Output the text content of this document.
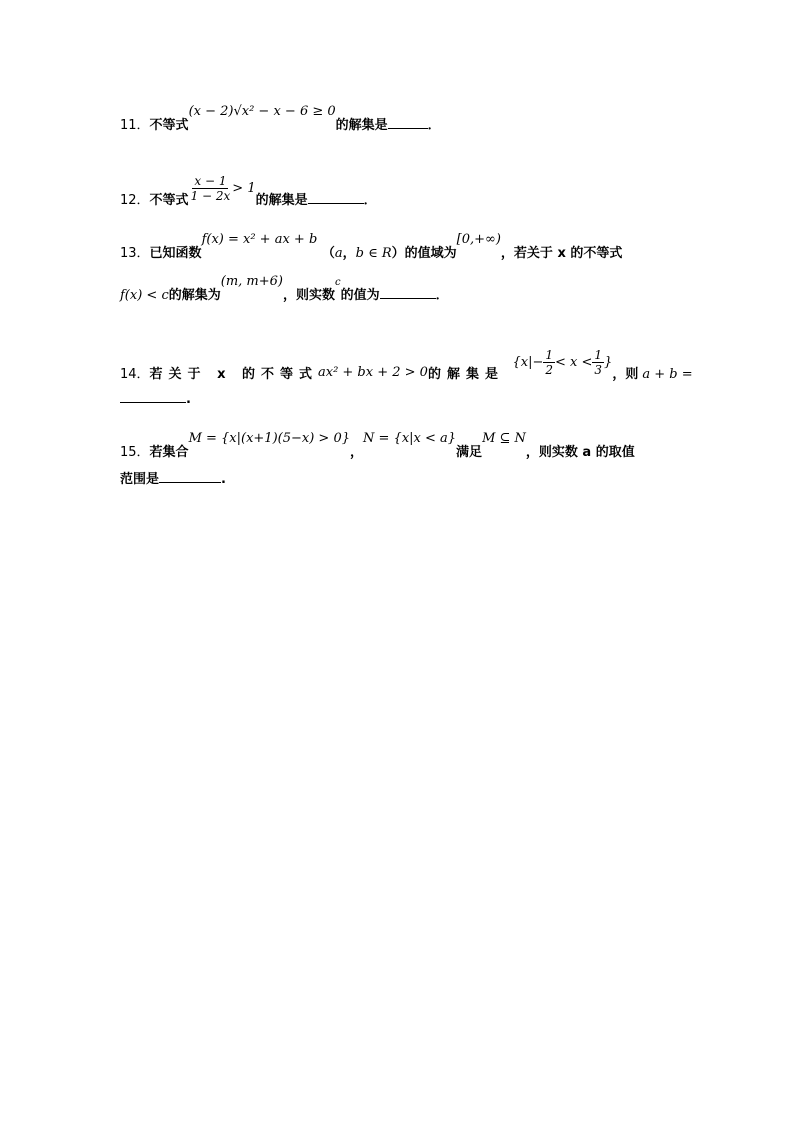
11．不等式(x − 2)√x² − x − 6 ≥ 0的解集是	．
12．不等式 $\frac{x - 1}{1 - 2x} > 1$的解集是	．
13．已知函数f(x) = x² + ax + b （a，b ∈ R）的值域为[0,+∞)，若关于 x 的不等式
f(x) < c的解集为(m, m+6)，则实数c的值为	．
14．若关于 x 的不等式ax² + bx + 2 > 0的解集是 {$x|- \frac{1}{2} < x < \frac{1}{3}$ }，则 a + b =
.
15．若集合M = {x|(x+1)(5−x) > 0}，N = {x|x < a}满足M ⊆ N，则实数 a 的取值
范围是	.
